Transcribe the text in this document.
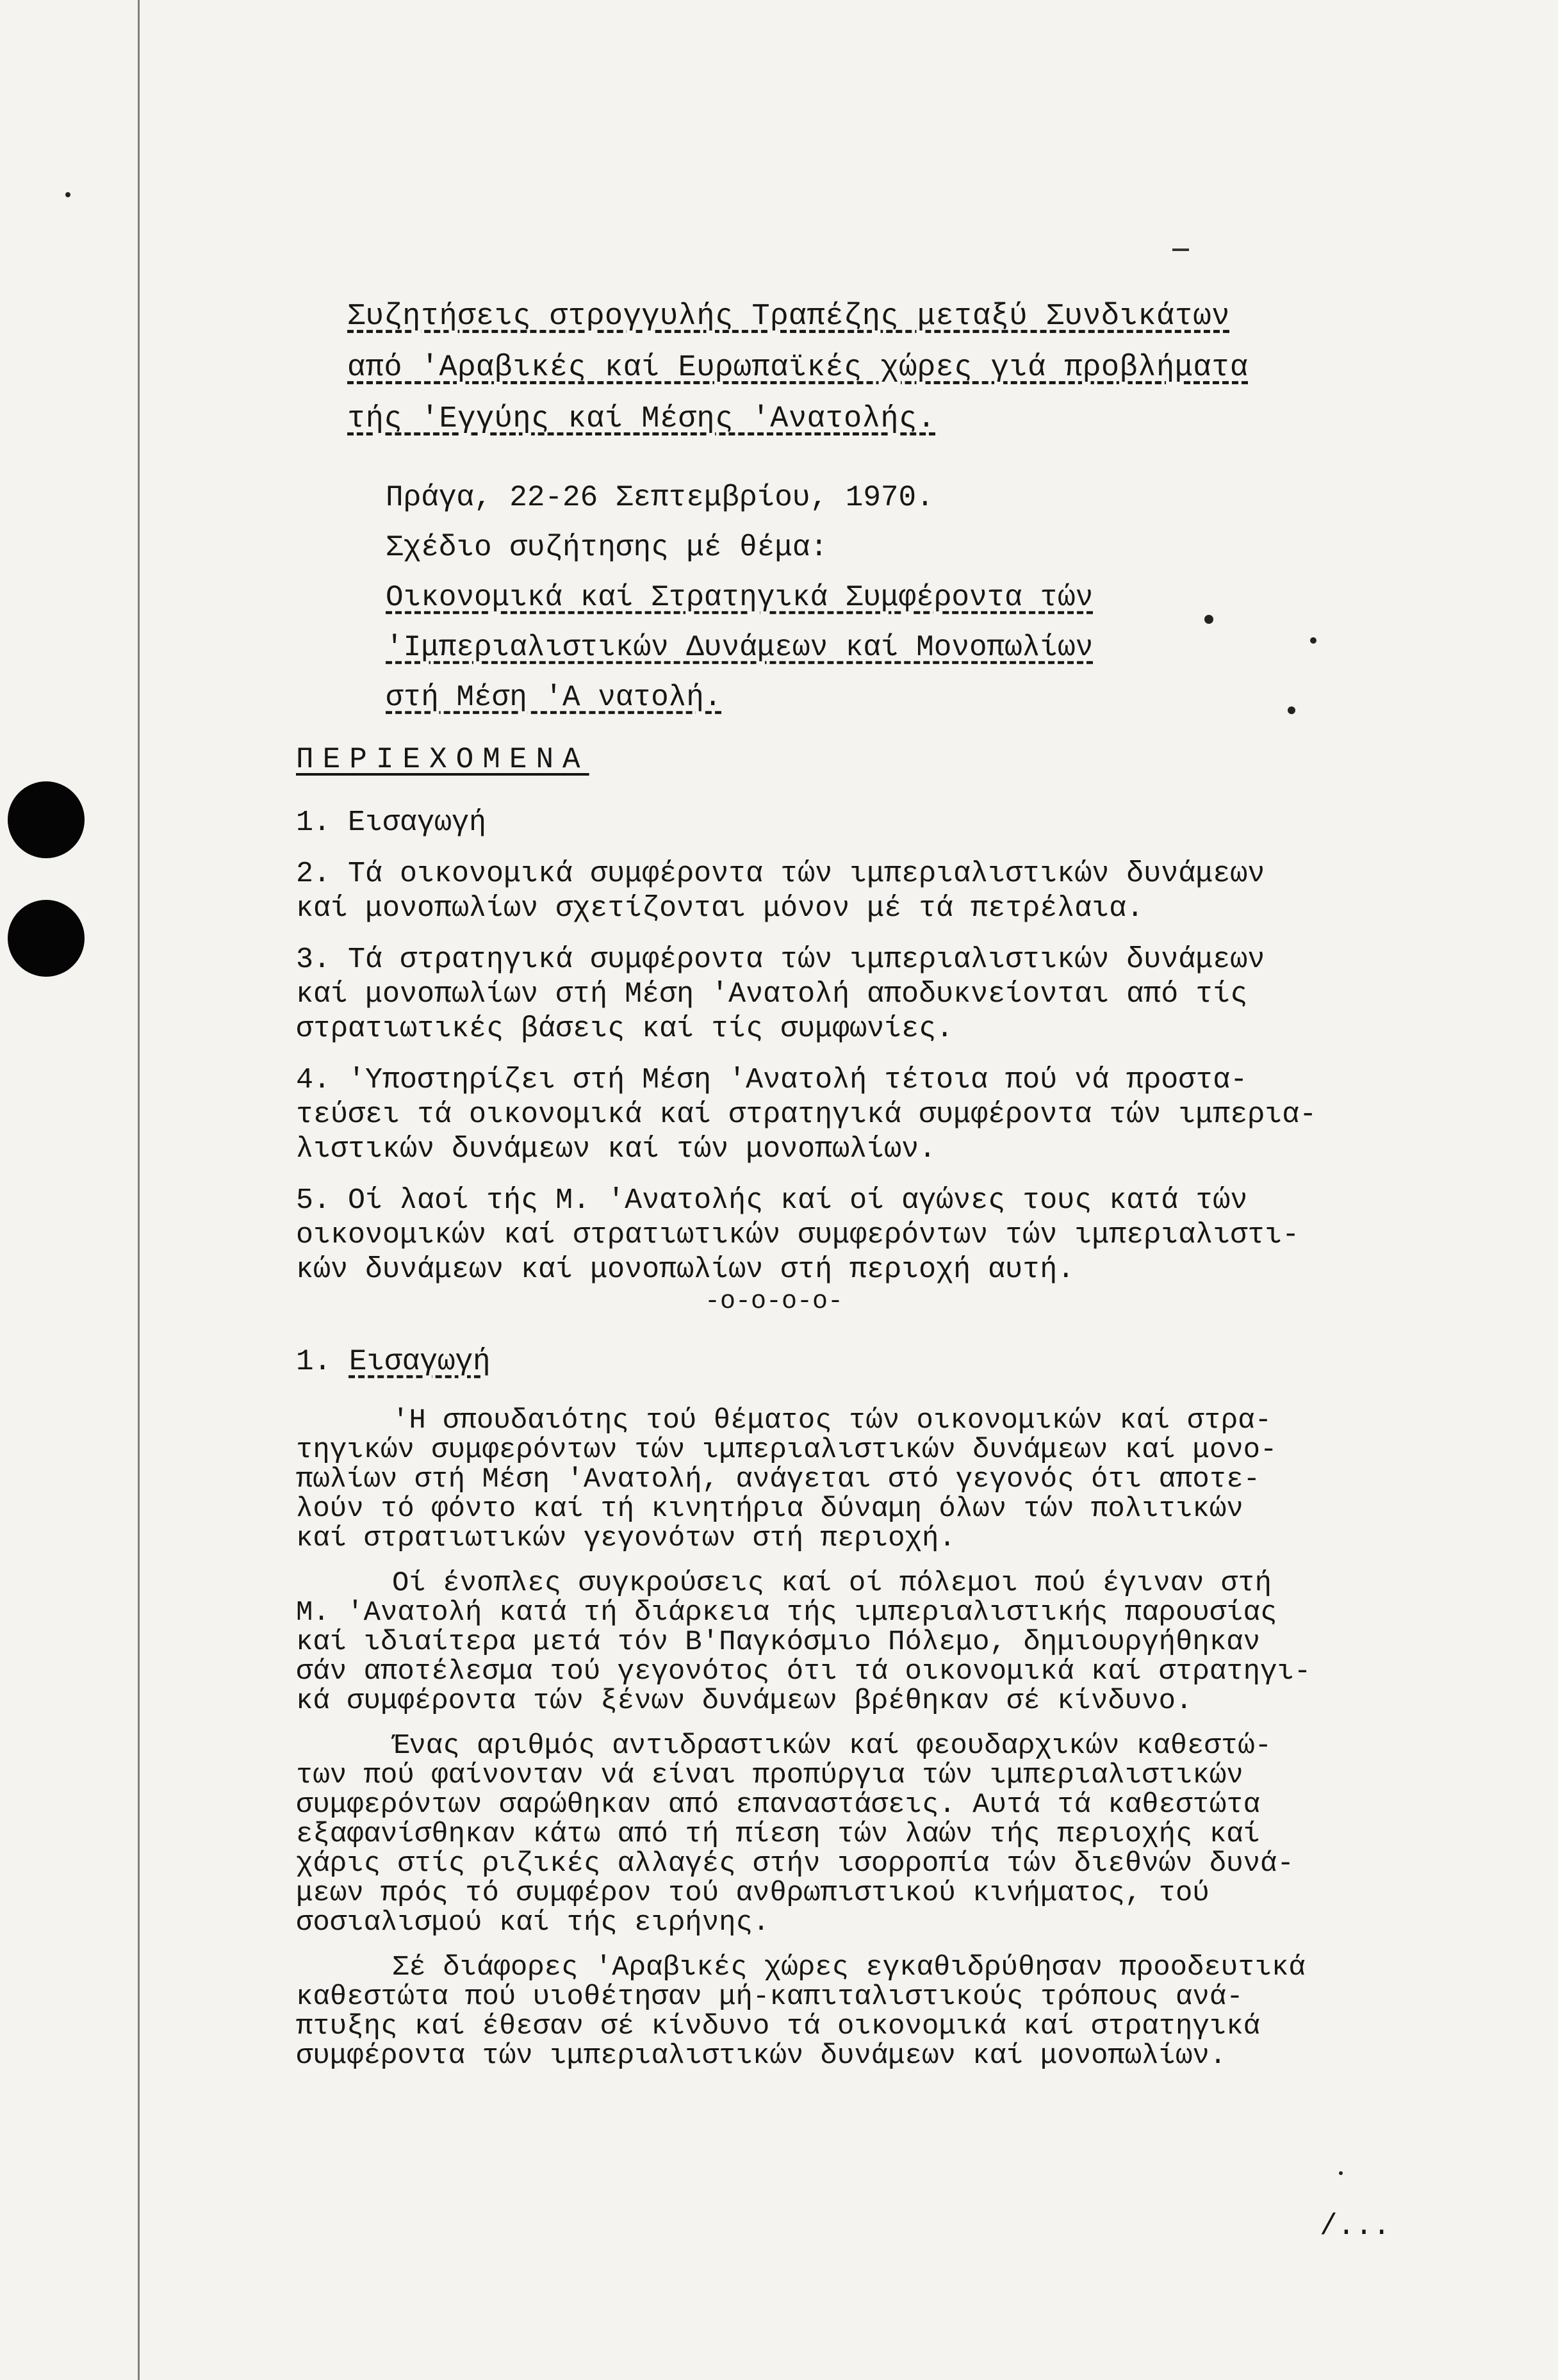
Συζητήσεις στρογγυλής Τραπέζης μεταξύ Συνδικάτων
από 'Αραβικές καί Ευρωπαϊκές χώρες γιά προβλήματα
τής 'Εγγύης καί Μέσης 'Ανατολής.
Πράγα, 22-26 Σεπτεμβρίου, 1970.
Σχέδιο συζήτησης μέ θέμα:
Οικονομικά καί Στρατηγικά Συμφέροντα τών
'Ιμπεριαλιστικών Δυνάμεων καί Μονοπωλίων
στή Μέση 'Α νατολή.
ΠΕΡΙΕΧΟΜΕΝΑ
1. Εισαγωγή
2. Τά οικονομικά συμφέροντα τών ιμπεριαλιστικών δυνάμεων
καί μονοπωλίων σχετίζονται μόνον μέ τά πετρέλαια.
3. Τά στρατηγικά συμφέροντα τών ιμπεριαλιστικών δυνάμεων
καί μονοπωλίων στή Μέση 'Ανατολή αποδυκνείονται από τίς
στρατιωτικές βάσεις καί τίς συμφωνίες.
4. 'Υποστηρίζει στή Μέση 'Ανατολή τέτοια πού νά προστα-
τεύσει τά οικονομικά καί στρατηγικά συμφέροντα τών ιμπερια-
λιστικών δυνάμεων καί τών μονοπωλίων.
5. Οί λαοί τής Μ. 'Ανατολής καί οί αγώνες τους κατά τών
οικονομικών καί στρατιωτικών συμφερόντων τών ιμπεριαλιστι-
κών δυνάμεων καί μονοπωλίων στή περιοχή αυτή.
-ο-ο-ο-ο-
1. Εισαγωγή
'Η σπουδαιότης τού θέματος τών οικονομικών καί στρα-
τηγικών συμφερόντων τών ιμπεριαλιστικών δυνάμεων καί μονο-
πωλίων στή Μέση 'Ανατολή, ανάγεται στό γεγονός ότι αποτε-
λούν τό φόντο καί τή κινητήρια δύναμη όλων τών πολιτικών
καί στρατιωτικών γεγονότων στή περιοχή.
Οί ένοπλες συγκρούσεις καί οί πόλεμοι πού έγιναν στή
Μ. 'Ανατολή κατά τή διάρκεια τής ιμπεριαλιστικής παρουσίας
καί ιδιαίτερα μετά τόν Β'Παγκόσμιο Πόλεμο, δημιουργήθηκαν
σάν αποτέλεσμα τού γεγονότος ότι τά οικονομικά καί στρατηγι-
κά συμφέροντα τών ξένων δυνάμεων βρέθηκαν σέ κίνδυνο.
Ένας αριθμός αντιδραστικών καί φεουδαρχικών καθεστώ-
των πού φαίνονταν νά είναι προπύργια τών ιμπεριαλιστικών
συμφερόντων σαρώθηκαν από επαναστάσεις. Αυτά τά καθεστώτα
εξαφανίσθηκαν κάτω από τή πίεση τών λαών τής περιοχής καί
χάρις στίς ριζικές αλλαγές στήν ισορροπία τών διεθνών δυνά-
μεων πρός τό συμφέρον τού ανθρωπιστικού κινήματος, τού
σοσιαλισμού καί τής ειρήνης.
Σέ διάφορες 'Αραβικές χώρες εγκαθιδρύθησαν προοδευτικά
καθεστώτα πού υιοθέτησαν μή-καπιταλιστικούς τρόπους ανά-
πτυξης καί έθεσαν σέ κίνδυνο τά οικονομικά καί στρατηγικά
συμφέροντα τών ιμπεριαλιστικών δυνάμεων καί μονοπωλίων.
/...
